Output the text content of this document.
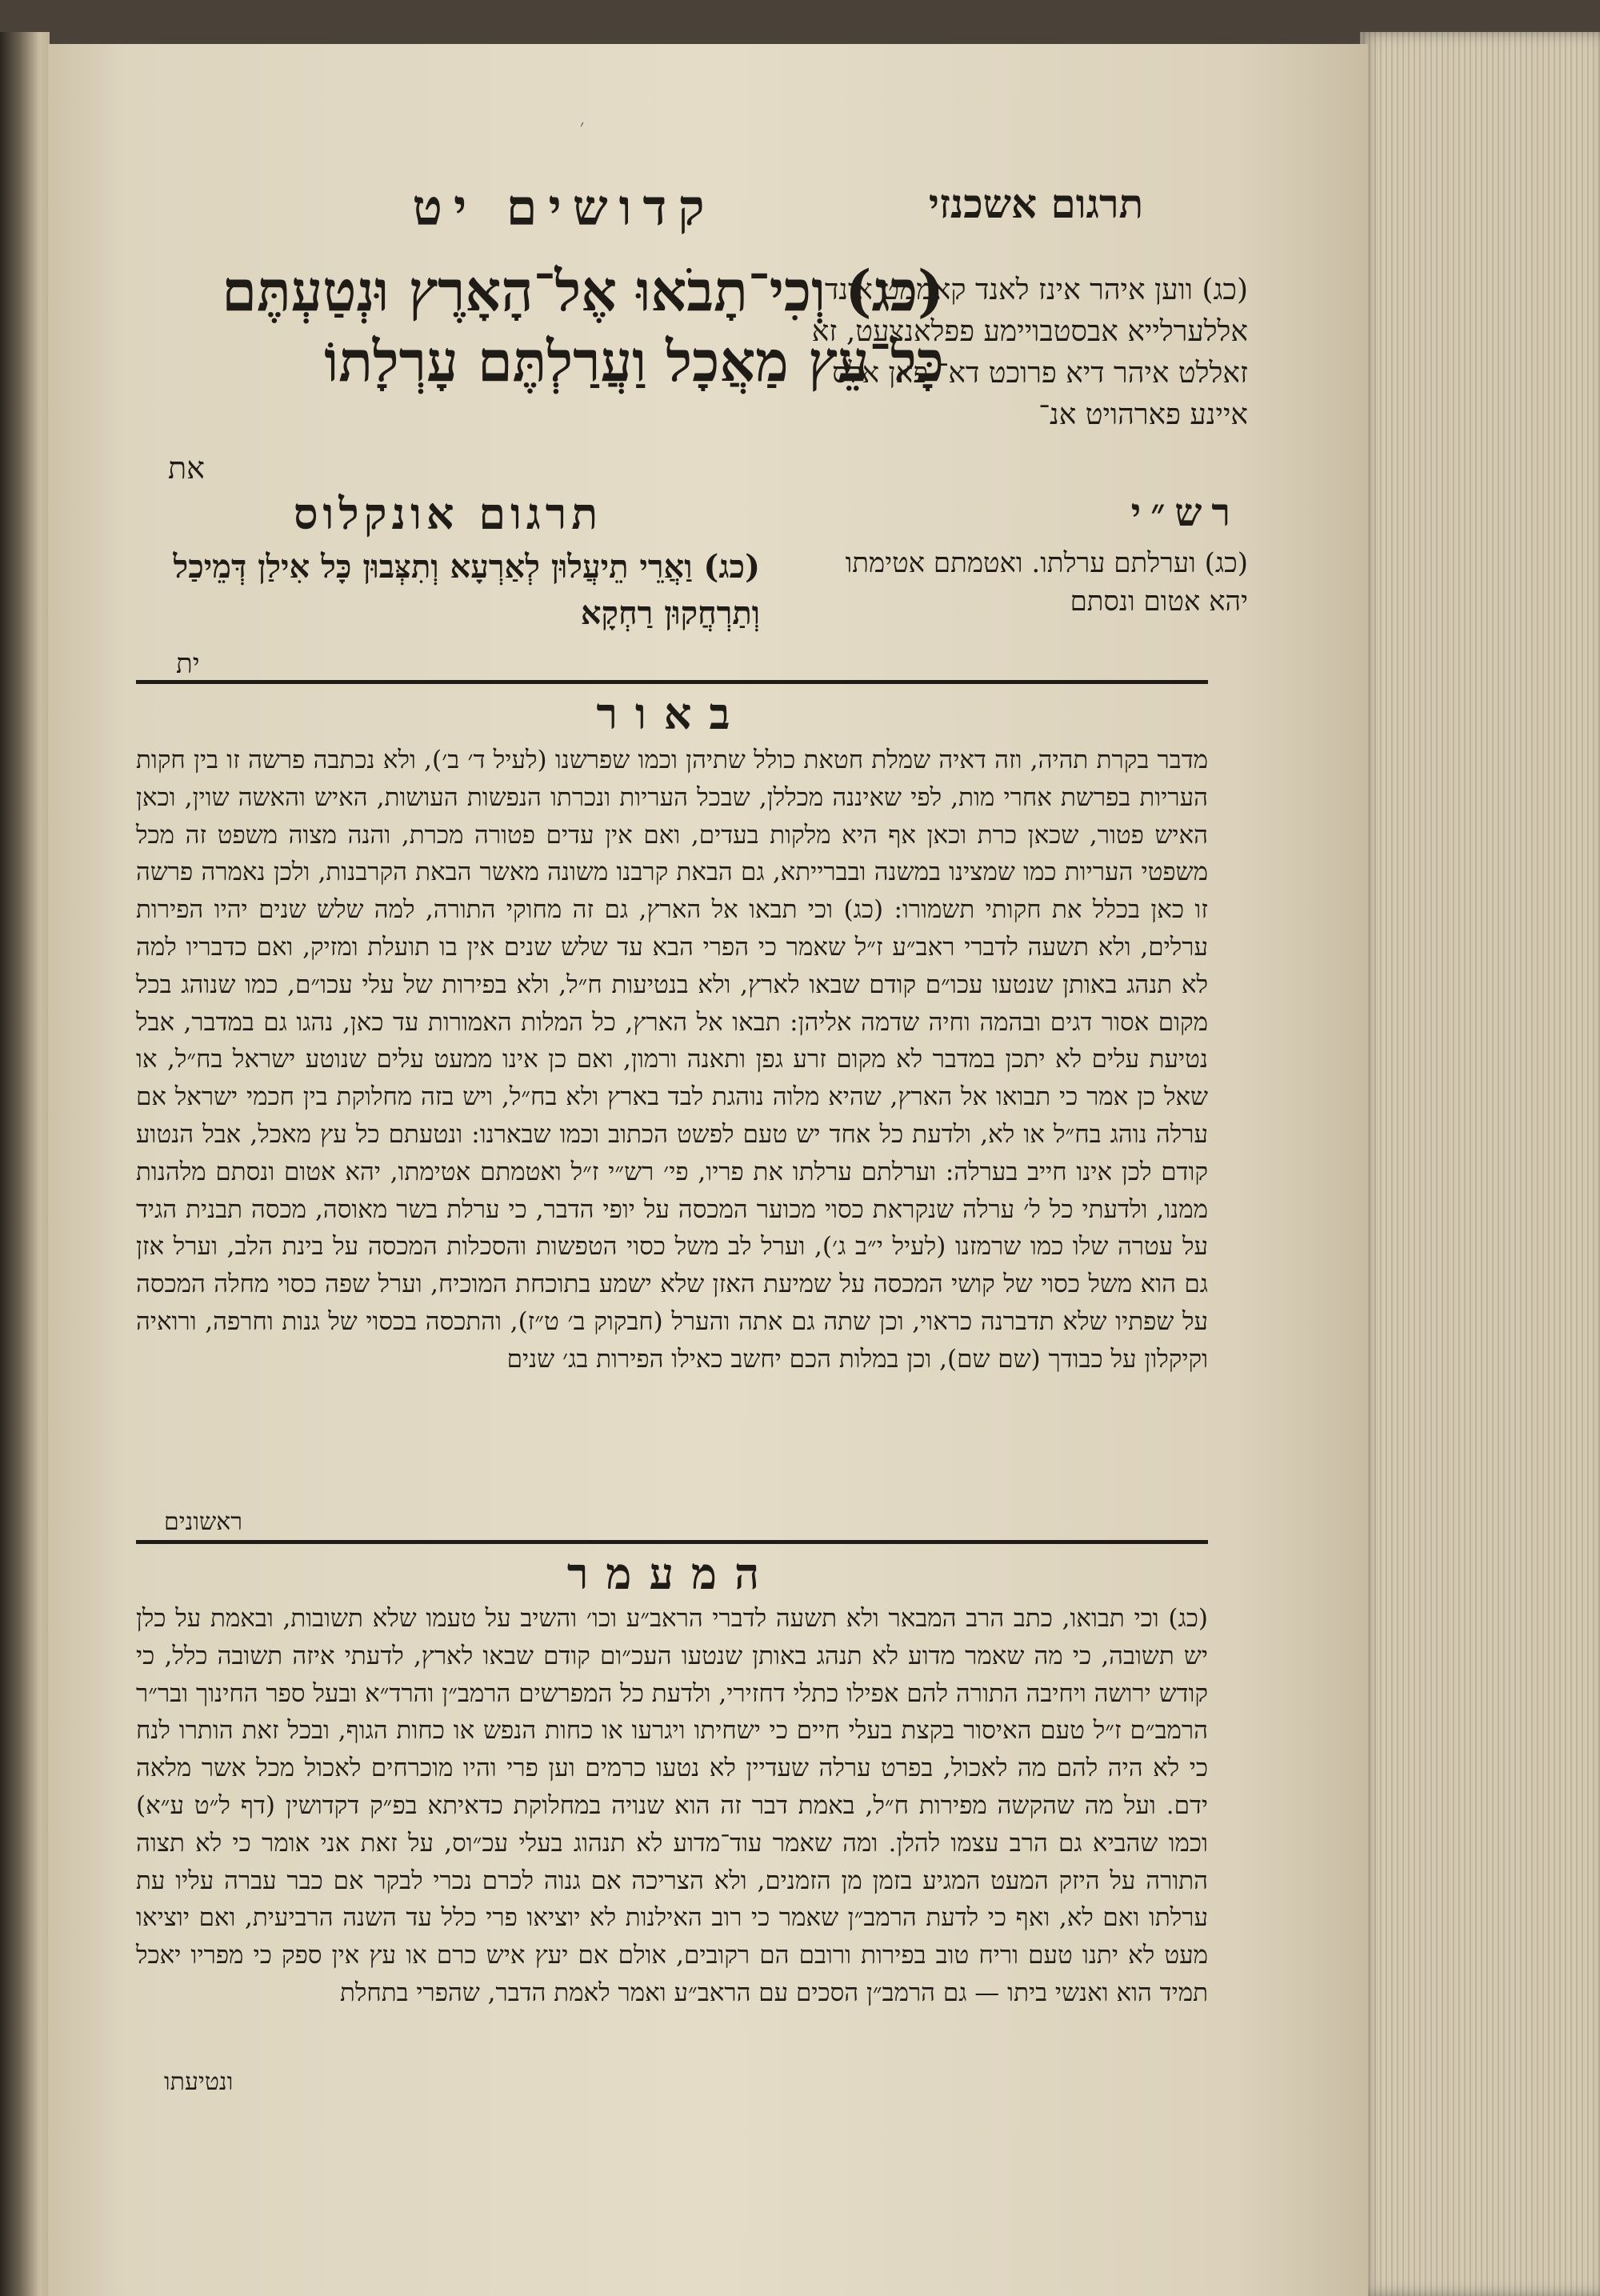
׳
תרגום אשכנזי
קדושים יט
(כג) וְכִי־תָבֹאוּ אֶל־הָאָרֶץ וּנְטַעְתֶּם
כָּל־עֵץ מַאֲכָל וַעֲרַלְתֶּם עָרְלָתוֹ
את
(כג) ווען איהר אינז לאנד קאממט אונד אללערלייא אבסטבויימע פפלאנצעט, זא זאללט איהר דיא פרוכט דא־ פאן אלס איינע פארהויט אנ־
רש״י
תרגום אונקלוס
(כג) וערלתם ערלתו. ואטמתם אטימתו יהא אטום ונסתם
(כג) וַאֲרֵי תֵיעֲלוּן לְאַרְעָא וְתִצְּבוּן כָּל אִילַן דְּמֵיכַל וְתַרְחֲקוּן רַחְקָא
ית
באור
מדבר בקרת תהיה, וזה דאיה שמלת חטאת כולל שתיהן וכמו שפרשנו (לעיל ד׳ ב׳), ולא נכתבה פרשה זו בין חקות העריות בפרשת אחרי מות, לפי שאיננה מכללן, שבכל העריות ונכרתו הנפשות העושות, האיש והאשה שוין, וכאן האיש פטור, שכאן כרת וכאן אף היא מלקות בעדים, ואם אין עדים פטורה מכרת, והנה מצוה משפט זה מכל משפטי העריות כמו שמצינו במשנה ובברייתא, גם הבאת קרבנו משונה מאשר הבאת הקרבנות, ולכן נאמרה פרשה זו כאן בכלל את חקותי תשמורו: (כג) וכי תבאו אל הארץ, גם זה מחוקי התורה, למה שלש שנים יהיו הפירות ערלים, ולא תשעה לדברי ראב״ע ז״ל שאמר כי הפרי הבא עד שלש שנים אין בו תועלת ומזיק, ואם כדבריו למה לא תנהג באותן שנטעו עכו״ם קודם שבאו לארץ, ולא בנטיעות ח״ל, ולא בפירות של עלי עכו״ם, כמו שנוהג בכל מקום אסור דגים ובהמה וחיה שדמה אליהן: תבאו אל הארץ, כל המלות האמורות עד כאן, נהגו גם במדבר, אבל נטיעת עלים לא יתכן במדבר לא מקום זרע גפן ותאנה ורמון, ואם כן אינו ממעט עלים שנוטע ישראל בח״ל, או שאל כן אמר כי תבואו אל הארץ, שהיא מלוה נוהגת לבד בארץ ולא בח״ל, ויש בזה מחלוקת בין חכמי ישראל אם ערלה נוהג בח״ל או לא, ולדעת כל אחד יש טעם לפשט הכתוב וכמו שבארנו: ונטעתם כל עץ מאכל, אבל הנטוע קודם לכן אינו חייב בערלה: וערלתם ערלתו את פריו, פי׳ רש״י ז״ל ואטמתם אטימתו, יהא אטום ונסתם מלהנות ממנו, ולדעתי כל ל׳ ערלה שנקראת כסוי מכוער המכסה על יופי הדבר, כי ערלת בשר מאוסה, מכסה תבנית הגיד על עטרה שלו כמו שרמזנו (לעיל י״ב ג׳), וערל לב משל כסוי הטפשות והסכלות המכסה על בינת הלב, וערל אזן גם הוא משל כסוי של קושי המכסה על שמיעת האזן שלא ישמע בתוכחת המוכיח, וערל שפה כסוי מחלה המכסה על שפתיו שלא תדברנה כראוי, וכן שתה גם אתה והערל (חבקוק ב׳ ט״ז), והתכסה בכסוי של גנות וחרפה, ורואיה וקיקלון על כבודך (שם שם), וכן במלות הכם יחשב כאילו הפירות בג׳ שנים
ראשונים
המעמר
(כג) וכי תבואו, כתב הרב המבאר ולא תשעה לדברי הראב״ע וכו׳ והשיב על טעמו שלא תשובות, ובאמת על כלן יש תשובה, כי מה שאמר מדוע לא תנהג באותן שנטעו העכ״ום קודם שבאו לארץ, לדעתי איזה תשובה כלל, כי קודש ירושה ויחיבה התורה להם אפילו כתלי דחזירי, ולדעת כל המפרשים הרמב״ן והרד״א ובעל ספר החינוך ובר״ר הרמב״ם ז״ל טעם האיסור בקצת בעלי חיים כי ישחיתו ויגרעו או כחות הנפש או כחות הגוף, ובכל זאת הותרו לנח כי לא היה להם מה לאכול, בפרט ערלה שעדיין לא נטעו כרמים וען פרי והיו מוכרחים לאכול מכל אשר מלאה ידם. ועל מה שהקשה מפירות ח״ל, באמת דבר זה הוא שנויה במחלוקת כדאיתא בפ״ק דקדושין (דף ל״ט ע״א) וכמו שהביא גם הרב עצמו להלן. ומה שאמר עוד־מדוע לא תנהוג בעלי עכ״וס, על זאת אני אומר כי לא תצוה התורה על היזק המעט המגיע בזמן מן הזמנים, ולא הצריכה אם גנוה לכרם נכרי לבקר אם כבר עברה עליו עת ערלתו ואם לא, ואף כי לדעת הרמב״ן שאמר כי רוב האילנות לא יוציאו פרי כלל עד השנה הרביעית, ואם יוציאו מעט לא יתנו טעם וריח טוב בפירות ורובם הם רקובים, אולם אם יעץ איש כרם או עץ אין ספק כי מפריו יאכל תמיד הוא ואנשי ביתו — גם הרמב״ן הסכים עם הראב״ע ואמר לאמת הדבר, שהפרי בתחלת
ונטיעתו
